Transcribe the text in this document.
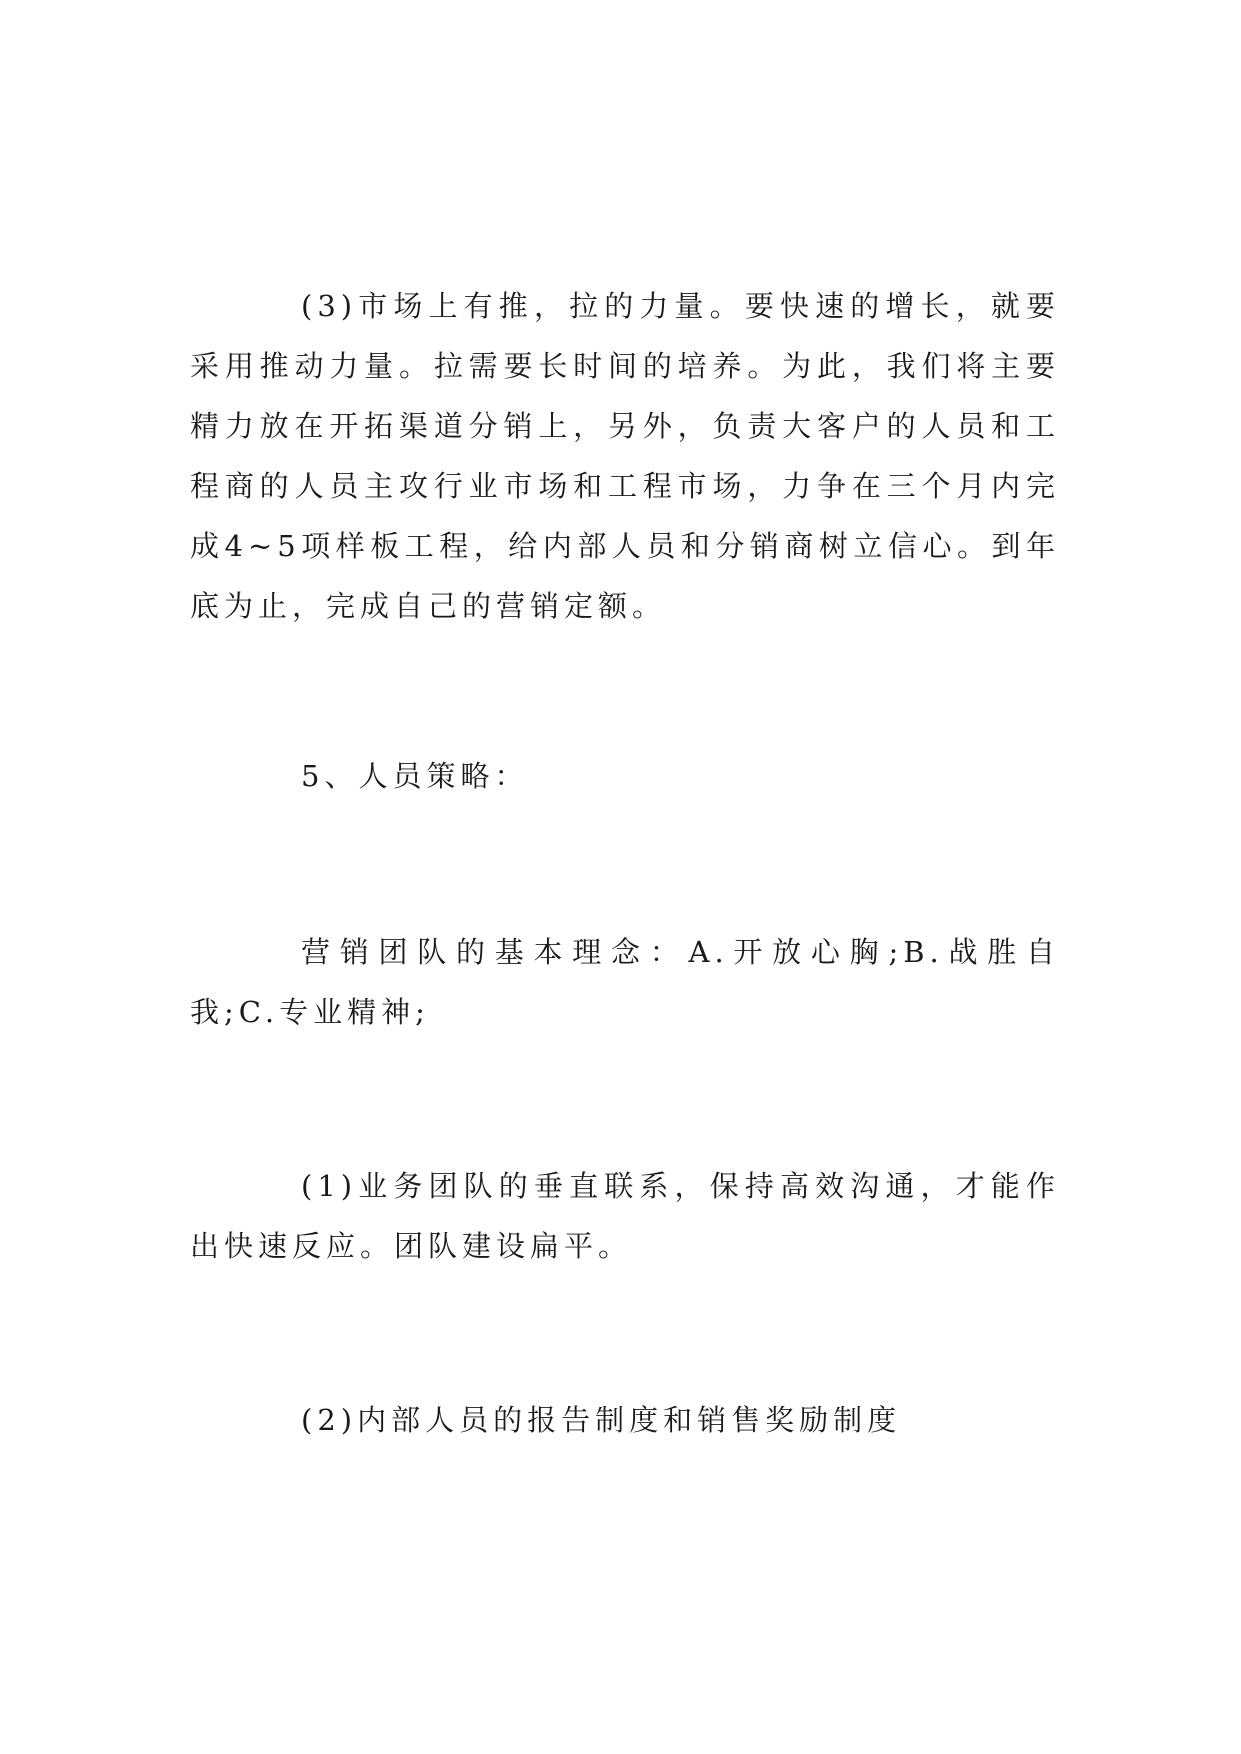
(3)市场上有推，拉的力量。要快速的增长，就要采用推动力量。拉需要长时间的培养。为此，我们将主要精力放在开拓渠道分销上，另外，负责大客户的人员和工程商的人员主攻行业市场和工程市场，力争在三个月内完成4~5项样板工程，给内部人员和分销商树立信心。到年底为止，完成自己的营销定额。

5、人员策略：

营销团队的基本理念：A.开放心胸;B.战胜自我;C.专业精神;

(1)业务团队的垂直联系，保持高效沟通，才能作出快速反应。团队建设扁平。

(2)内部人员的报告制度和销售奖励制度
